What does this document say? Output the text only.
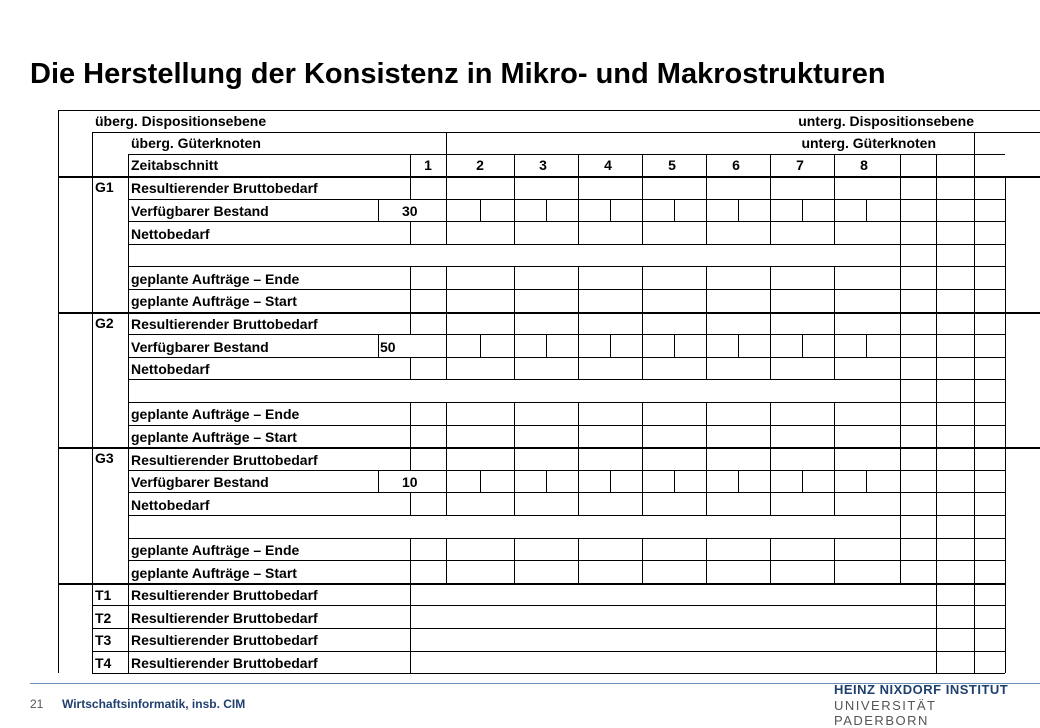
Die Herstellung der Konsistenz in Mikro- und Makrostrukturen
überg. Dispositionsebene	unterg. Dispositionsebene
überg. Güterknoten	unterg. Güterknoten
Zeitabschnitt	1	2	3	4	5	6	7	8
G1 Resultierender Bruttobedarf
Verfügbarer Bestand	30
Nettobedarf
geplante Aufträge – Ende
geplante Aufträge – Start
G2 Resultierender Bruttobedarf
Verfügbarer Bestand	50
Nettobedarf
geplante Aufträge – Ende
geplante Aufträge – Start
G3 Resultierender Bruttobedarf
Verfügbarer Bestand	10
Nettobedarf
geplante Aufträge – Ende
geplante Aufträge – Start
T1 Resultierender Bruttobedarf
T2 Resultierender Bruttobedarf
T3 Resultierender Bruttobedarf
T4 Resultierender Bruttobedarf
21 Wirtschaftsinformatik, insb. CIM
HEINZ NIXDORF INSTITUT
UNIVERSITÄT PADERBORN
